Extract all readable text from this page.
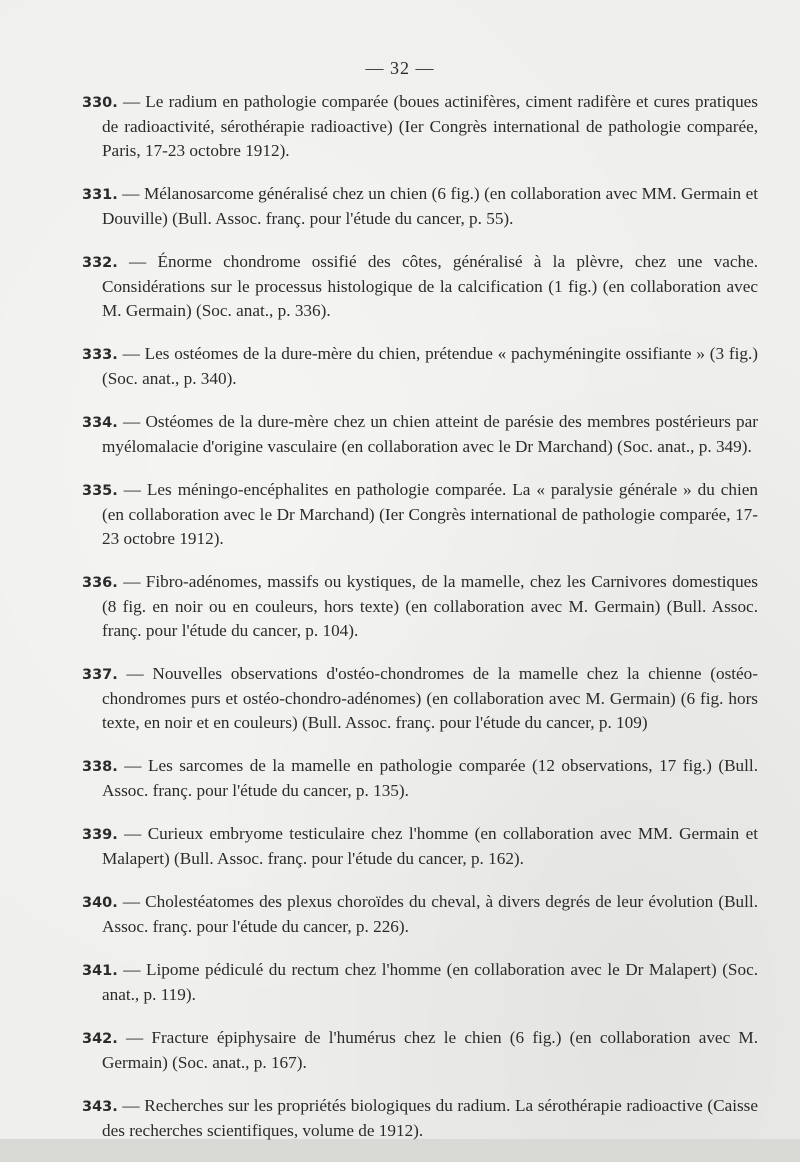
— 32 —

330. — Le radium en pathologie comparée (boues actinifères, ciment radifère et cures pratiques de radioactivité, sérothérapie radioactive) (Ier Congrès international de pathologie comparée, Paris, 17-23 octobre 1912).

331. — Mélanosarcome généralisé chez un chien (6 fig.) (en collaboration avec MM. Germain et Douville) (Bull. Assoc. franç. pour l'étude du cancer, p. 55).

332. — Énorme chondrome ossifié des côtes, généralisé à la plèvre, chez une vache. Considérations sur le processus histologique de la calcification (1 fig.) (en collaboration avec M. Germain) (Soc. anat., p. 336).

333. — Les ostéomes de la dure-mère du chien, prétendue « pachyméningite ossifiante » (3 fig.) (Soc. anat., p. 340).

334. — Ostéomes de la dure-mère chez un chien atteint de parésie des membres postérieurs par myélomalacie d'origine vasculaire (en collaboration avec le Dr Marchand) (Soc. anat., p. 349).

335. — Les méningo-encéphalites en pathologie comparée. La « paralysie générale » du chien (en collaboration avec le Dr Marchand) (Ier Congrès international de pathologie comparée, 17-23 octobre 1912).

336. — Fibro-adénomes, massifs ou kystiques, de la mamelle, chez les Carnivores domestiques (8 fig. en noir ou en couleurs, hors texte) (en collaboration avec M. Germain) (Bull. Assoc. franç. pour l'étude du cancer, p. 104).

337. — Nouvelles observations d'ostéo-chondromes de la mamelle chez la chienne (ostéo-chondromes purs et ostéo-chondro-adénomes) (en collaboration avec M. Germain) (6 fig. hors texte, en noir et en couleurs) (Bull. Assoc. franç. pour l'étude du cancer, p. 109)

338. — Les sarcomes de la mamelle en pathologie comparée (12 observations, 17 fig.) (Bull. Assoc. franç. pour l'étude du cancer, p. 135).

339. — Curieux embryome testiculaire chez l'homme (en collaboration avec MM. Germain et Malapert) (Bull. Assoc. franç. pour l'étude du cancer, p. 162).

340. — Cholestéatomes des plexus choroïdes du cheval, à divers degrés de leur évolution (Bull. Assoc. franç. pour l'étude du cancer, p. 226).

341. — Lipome pédiculé du rectum chez l'homme (en collaboration avec le Dr Malapert) (Soc. anat., p. 119).

342. — Fracture épiphysaire de l'humérus chez le chien (6 fig.) (en collaboration avec M. Germain) (Soc. anat., p. 167).

343. — Recherches sur les propriétés biologiques du radium. La sérothérapie radioactive (Caisse des recherches scientifiques, volume de 1912).
